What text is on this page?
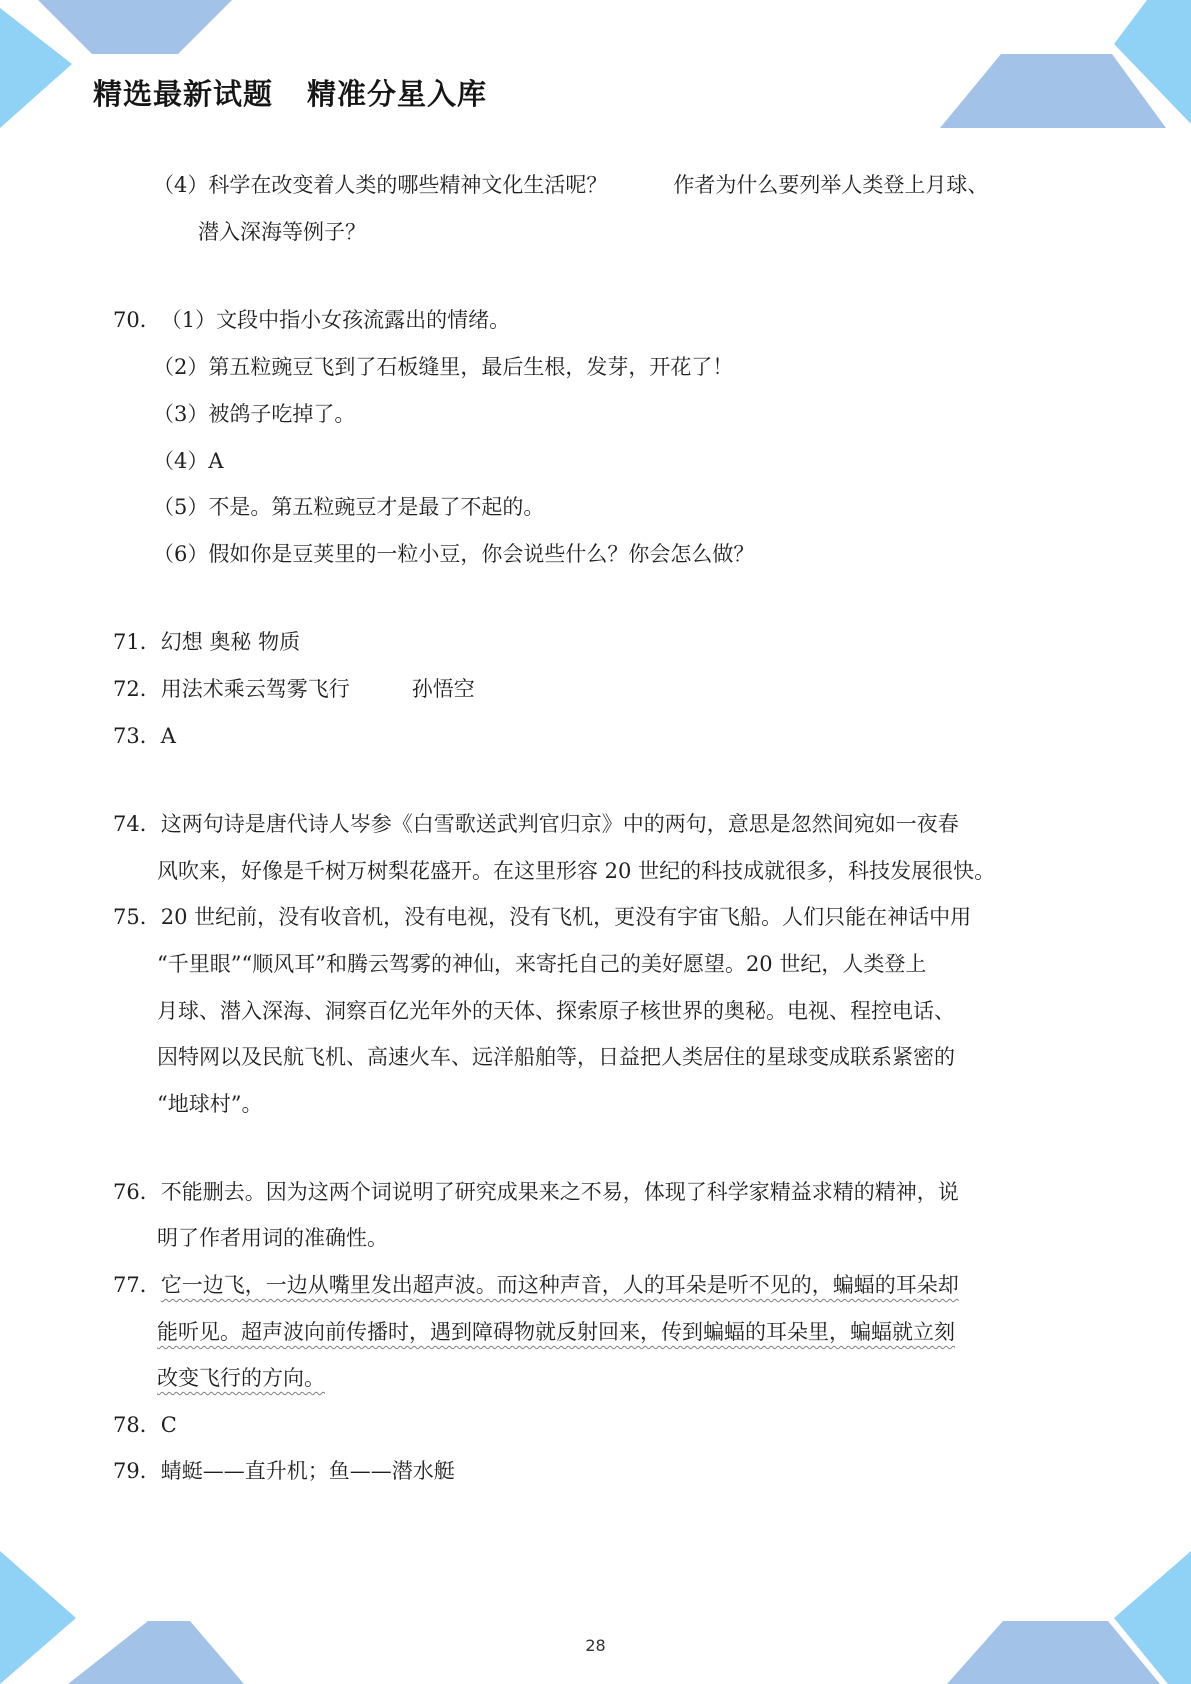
精选最新试题 精准分星入库
（4）科学在改变着人类的哪些精神文化生活呢？	作者为什么要列举人类登上月球、
潜入深海等例子？
70．（1）文段中指小女孩流露出的情绪。
（2）第五粒豌豆飞到了石板缝里，最后生根，发芽，开花了！
（3）被鸽子吃掉了。
（4）A
（5）不是。第五粒豌豆才是最了不起的。
（6）假如你是豆荚里的一粒小豆，你会说些什么？你会怎么做？
71．幻想 奥秘 物质
72．用法术乘云驾雾飞行	孙悟空
73．A
74．这两句诗是唐代诗人岑参《白雪歌送武判官归京》中的两句，意思是忽然间宛如一夜春
风吹来，好像是千树万树梨花盛开。在这里形容 20 世纪的科技成就很多，科技发展很快。
75．20 世纪前，没有收音机，没有电视，没有飞机，更没有宇宙飞船。人们只能在神话中用
“千里眼”“顺风耳”和腾云驾雾的神仙，来寄托自己的美好愿望。20 世纪，人类登上
月球、潜入深海、洞察百亿光年外的天体、探索原子核世界的奥秘。电视、程控电话、
因特网以及民航飞机、高速火车、远洋船舶等，日益把人类居住的星球变成联系紧密的
“地球村”。
76．不能删去。因为这两个词说明了研究成果来之不易，体现了科学家精益求精的精神，说
明了作者用词的准确性。
77．它一边飞，一边从嘴里发出超声波。而这种声音，人的耳朵是听不见的，蝙蝠的耳朵却
能听见。超声波向前传播时，遇到障碍物就反射回来，传到蝙蝠的耳朵里，蝙蝠就立刻
改变飞行的方向。
78．C
79．蜻蜓——直升机；鱼——潜水艇
28
